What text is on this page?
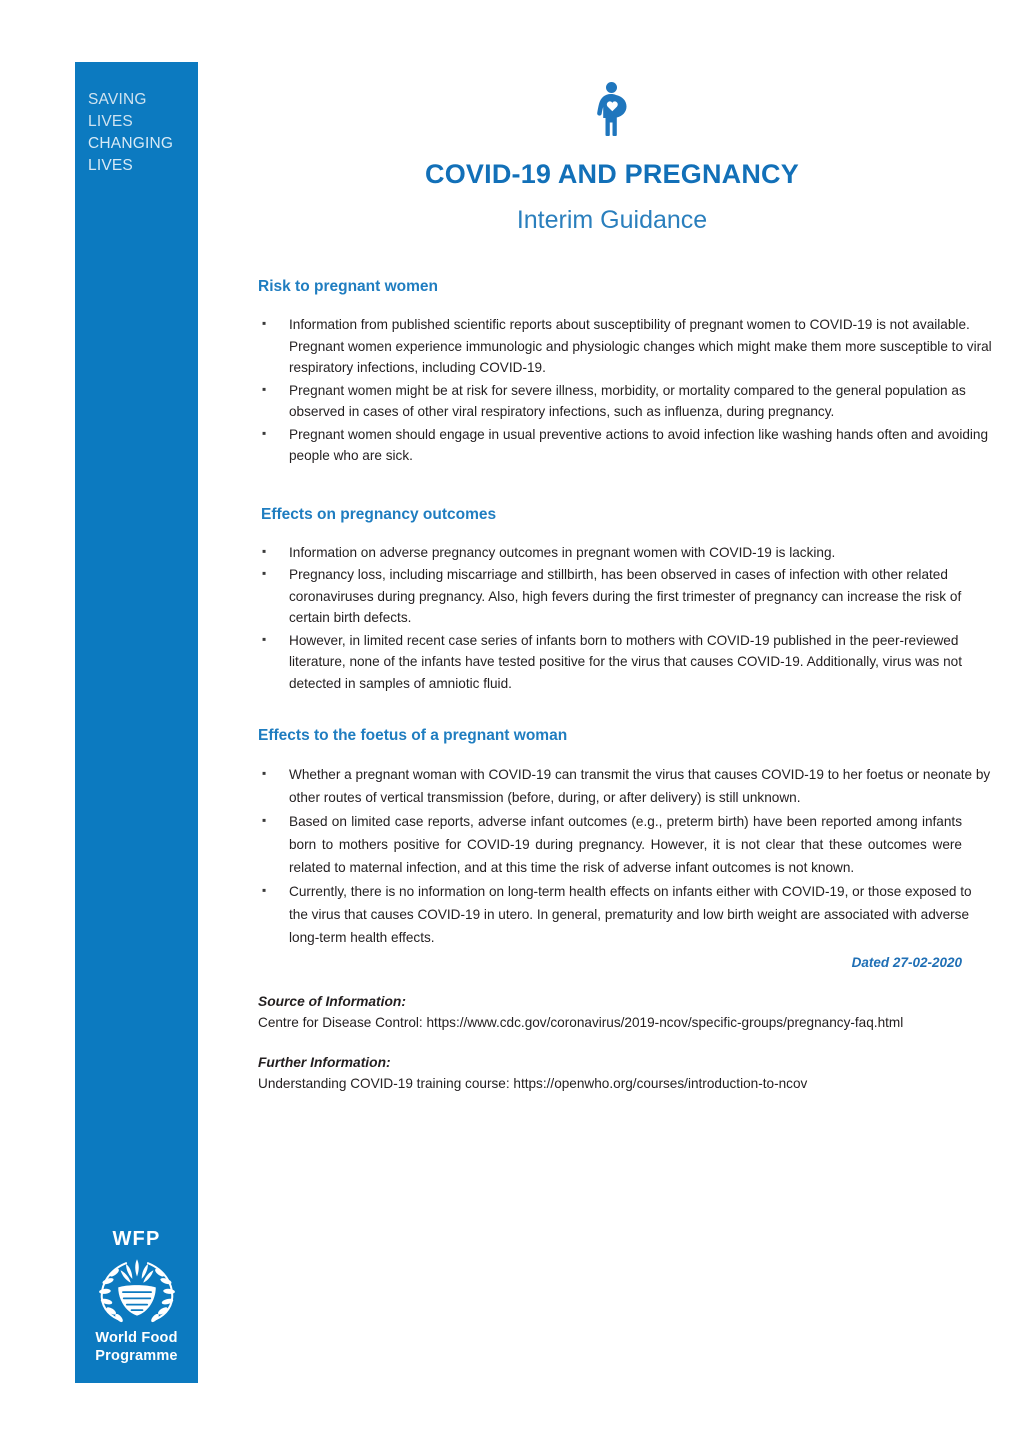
SAVING
LIVES
CHANGING
LIVES
WFP
World Food
Programme
COVID-19 AND PREGNANCY
Interim Guidance
Risk to pregnant women
▪ Information from published scientific reports about susceptibility of pregnant women to COVID-19 is not available. Pregnant women experience immunologic and physiologic changes which might make them more susceptible to viral respiratory infections, including COVID-19.
▪ Pregnant women might be at risk for severe illness, morbidity, or mortality compared to the general population as observed in cases of other viral respiratory infections, such as influenza, during pregnancy.
▪ Pregnant women should engage in usual preventive actions to avoid infection like washing hands often and avoiding people who are sick.
Effects on pregnancy outcomes
▪ Information on adverse pregnancy outcomes in pregnant women with COVID-19 is lacking.
▪ Pregnancy loss, including miscarriage and stillbirth, has been observed in cases of infection with other related coronaviruses during pregnancy. Also, high fevers during the first trimester of pregnancy can increase the risk of certain birth defects.
▪ However, in limited recent case series of infants born to mothers with COVID-19 published in the peer-reviewed literature, none of the infants have tested positive for the virus that causes COVID-19. Additionally, virus was not detected in samples of amniotic fluid.
Effects to the foetus of a pregnant woman
▪ Whether a pregnant woman with COVID-19 can transmit the virus that causes COVID-19 to her foetus or neonate by other routes of vertical transmission (before, during, or after delivery) is still unknown.
▪ Based on limited case reports, adverse infant outcomes (e.g., preterm birth) have been reported among infants born to mothers positive for COVID-19 during pregnancy. However, it is not clear that these outcomes were related to maternal infection, and at this time the risk of adverse infant outcomes is not known.
▪ Currently, there is no information on long-term health effects on infants either with COVID-19, or those exposed to the virus that causes COVID-19 in utero. In general, prematurity and low birth weight are associated with adverse long-term health effects.
Dated 27-02-2020
Source of Information:
Centre for Disease Control: https://www.cdc.gov/coronavirus/2019-ncov/specific-groups/pregnancy-faq.html
Further Information:
Understanding COVID-19 training course: https://openwho.org/courses/introduction-to-ncov
